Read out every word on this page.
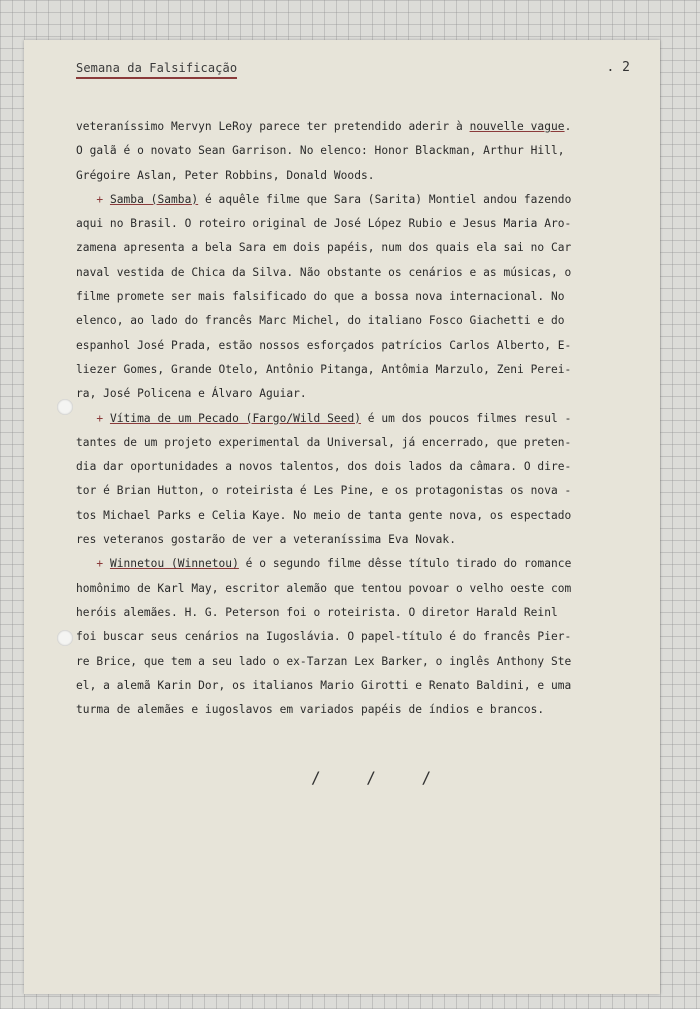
Semana da Falsificação	. 2
veteraníssimo Mervyn LeRoy parece ter pretendido aderir à nouvelle vague.
O galã é o novato Sean Garrison. No elenco: Honor Blackman, Arthur Hill,
Grégoire Aslan, Peter Robbins, Donald Woods.
+ Samba (Samba) é aquêle filme que Sara (Sarita) Montiel andou fazendo
aqui no Brasil. O roteiro original de José López Rubio e Jesus Maria Aro-
zamena apresenta a bela Sara em dois papéis, num dos quais ela sai no Car
naval vestida de Chica da Silva. Não obstante os cenários e as músicas, o
filme promete ser mais falsificado do que a bossa nova internacional. No
elenco, ao lado do francês Marc Michel, do italiano Fosco Giachetti e do
espanhol José Prada, estão nossos esforçados patrícios Carlos Alberto, E-
liezer Gomes, Grande Otelo, Antônio Pitanga, Antômia Marzulo, Zeni Perei-
ra, José Policena e Álvaro Aguiar.
+ Vítima de um Pecado (Fargo/Wild Seed) é um dos poucos filmes resul -
tantes de um projeto experimental da Universal, já encerrado, que preten-
dia dar oportunidades a novos talentos, dos dois lados da câmara. O dire-
tor é Brian Hutton, o roteirista é Les Pine, e os protagonistas os nova -
tos Michael Parks e Celia Kaye. No meio de tanta gente nova, os espectado
res veteranos gostarão de ver a veteraníssima Eva Novak.
+ Winnetou (Winnetou) é o segundo filme dêsse título tirado do romance
homônimo de Karl May, escritor alemão que tentou povoar o velho oeste com
heróis alemães. H. G. Peterson foi o roteirista. O diretor Harald Reinl
foi buscar seus cenários na Iugoslávia. O papel-título é do francês Pier-
re Brice, que tem a seu lado o ex-Tarzan Lex Barker, o inglês Anthony Ste
el, a alemã Karin Dor, os italianos Mario Girotti e Renato Baldini, e uma
turma de alemães e iugoslavos em variados papéis de índios e brancos.
/ / /
